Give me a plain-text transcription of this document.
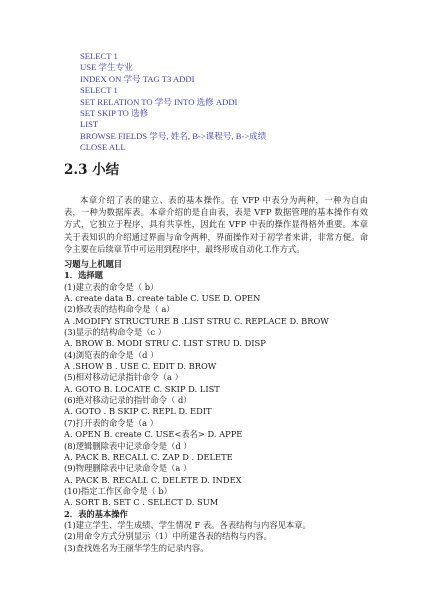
SELECT 1
USE 学生专业
INDEX ON 学号 TAG T3 ADDI
SELECT 1
SET RELATION TO 学号 INTO 选修 ADDI
SET SKIP TO 选修
LIST
BROWSE FIELDS 学号, 姓名, B->课程号, B->成绩
CLOSE ALL
2.3 小结
本章介绍了表的建立、表的基本操作。在 VFP 中表分为两种，一种为自由表，一种为数据库表。本章介绍的是自由表，表是 VFP 数据管理的基本操作有效方式，它独立于程序，具有共享性，因此在 VFP 中表的操作显得格外重要。本章关于表知识的介绍通过界面与命令两种，界面操作对于初学者来讲，非常方便。命令主要在后续章节中可运用到程序中，最终形成自动化工作方式。
习题与上机题目
1．选择题
(1)建立表的命令是（ b）
A. create data B. create table C. USE D. OPEN
(2)修改表的结构命令是（ a）
A .MODIFY STRUCTURE B .LIST STRU C. REPLACE D. BROW
(3)显示的结构命令是（c ）
A. BROW B. MODI STRU C. LIST STRU D. DISP
(4)浏览表的命令是（d ）
A .SHOW B . USE C. EDIT D. BROW
(5)相对移动记录指针命令（a ）
A. GOTO B. LOCATE C. SKIP D. LIST
(6)绝对移动记录的指针命令（ d）
A. GOTO . B SKIP C. REPL D. EDIT
(7)打开表的命令是（a ）
A. OPEN B. create C. USE<表名> D. APPE
(8)逻辑删除表中记录命令是（d ）
A. PACK B. RECALL C. ZAP D . DELETE
(9)物理删除表中记录命令是（a ）
A. PACK B. RECALL C. DELETE D. INDEX
(10)指定工作区命令是（ b）
A. SORT B. SET C . SELECT D. SUM
2．表的基本操作
(1)建立学生、学生成绩、学生情况 F 表。各表结构与内容见本章。
(2)用命令方式分别显示（1）中所建各表的结构与内容。
(3)查找姓名为王丽华学生的记录内容。
